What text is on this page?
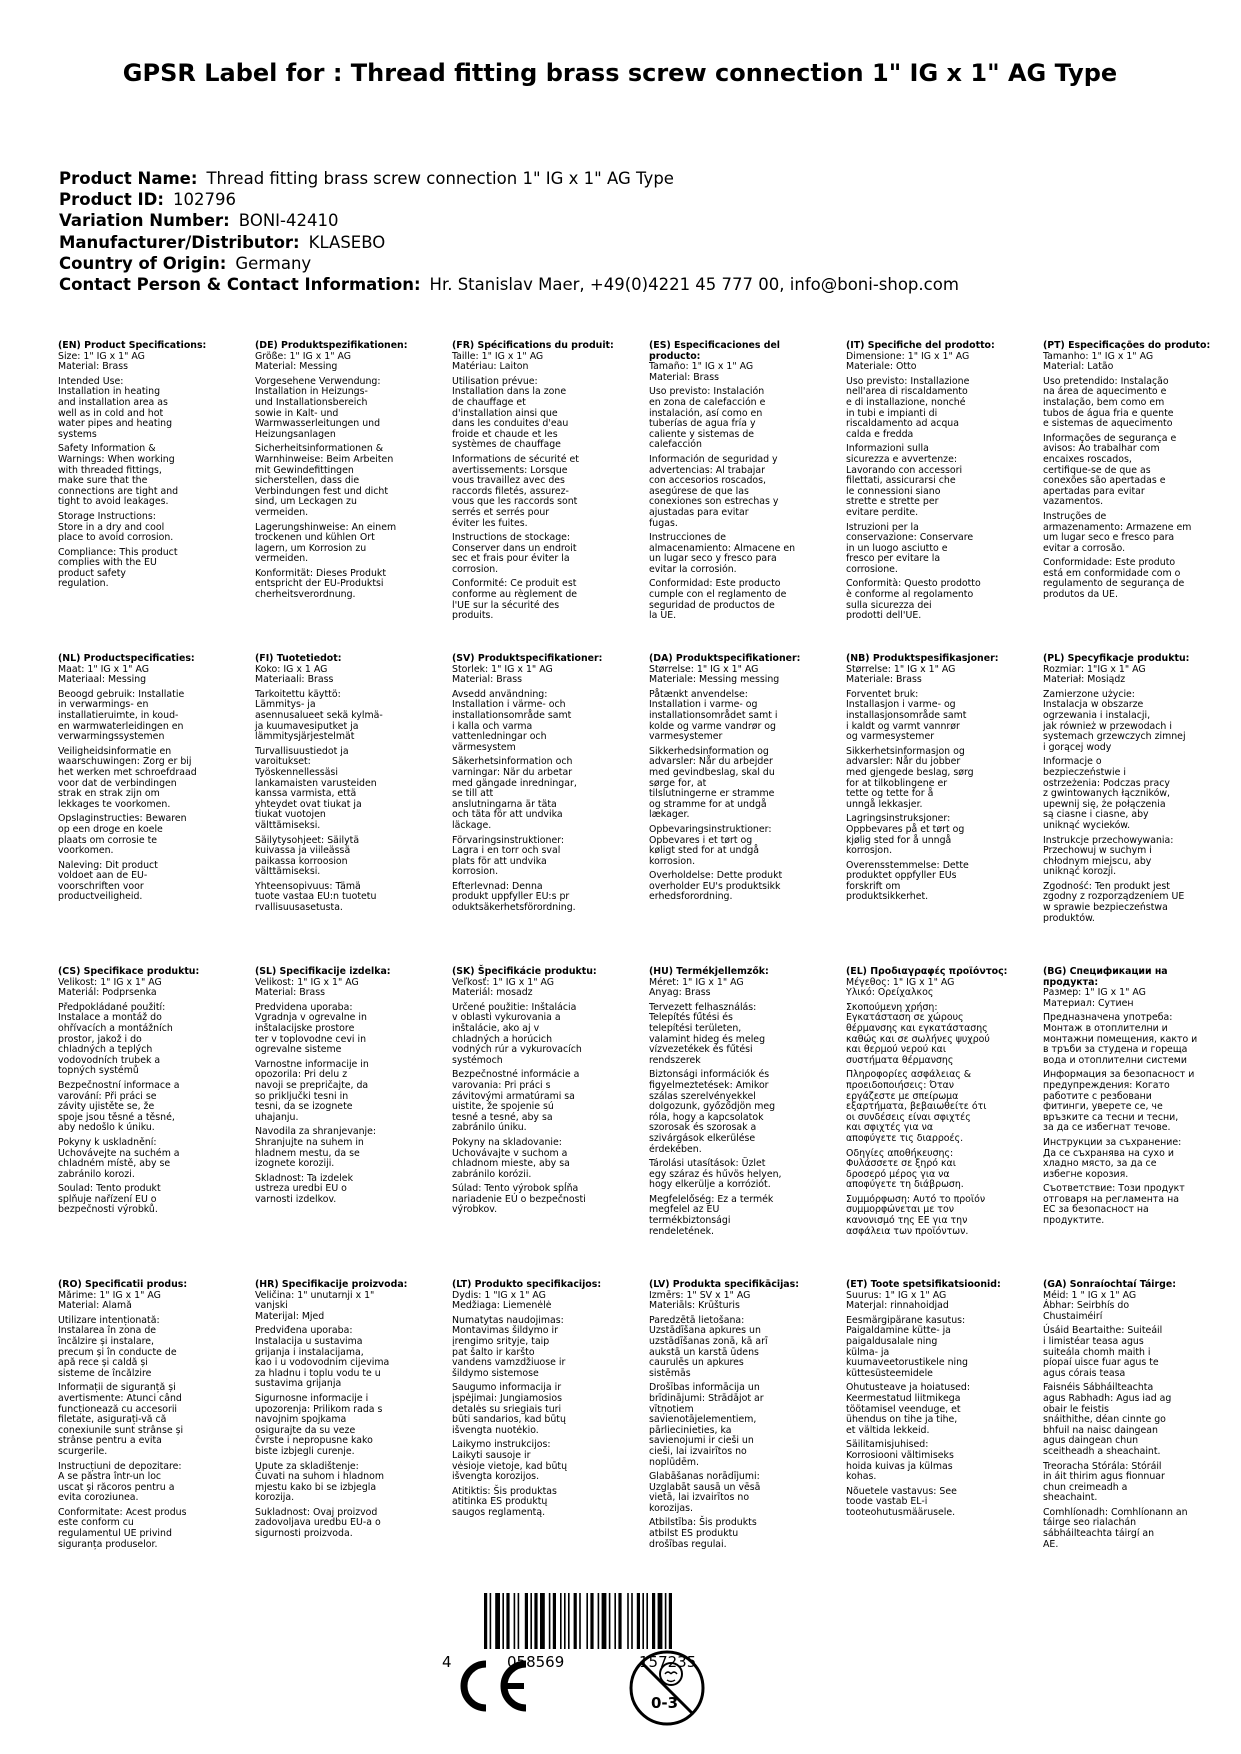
GPSR Label for : Thread fitting brass screw connection 1" IG x 1" AG Type
Product Name: Thread fitting brass screw connection 1" IG x 1" AG Type
Product ID: 102796
Variation Number: BONI-42410
Manufacturer/Distributor: KLASEBO
Country of Origin: Germany
Contact Person & Contact Information: Hr. Stanislav Maer, +49(0)4221 45 777 00, info@boni-shop.com
(EN) Product Specifications:
Size: 1" IG x 1" AG
Material: Brass
Intended Use:
Installation in heating
and installation area as
well as in cold and hot
water pipes and heating
systems
Safety Information &
Warnings: When working
with threaded fittings,
make sure that the
connections are tight and
tight to avoid leakages.
Storage Instructions:
Store in a dry and cool
place to avoid corrosion.
Compliance: This product
complies with the EU
product safety
regulation.
(DE) Produktspezifikationen:
Größe: 1" IG x 1" AG
Material: Messing
Vorgesehene Verwendung:
Installation in Heizungs-
und Installationsbereich
sowie in Kalt- und
Warmwasserleitungen und
Heizungsanlagen
Sicherheitsinformationen &
Warnhinweise: Beim Arbeiten
mit Gewindefittingen
sicherstellen, dass die
Verbindungen fest und dicht
sind, um Leckagen zu
vermeiden.
Lagerungshinweise: An einem
trockenen und kühlen Ort
lagern, um Korrosion zu
vermeiden.
Konformität: Dieses Produkt
entspricht der EU-Produktsi
cherheitsverordnung.
(FR) Spécifications du produit:
Taille: 1" IG x 1" AG
Matériau: Laiton
Utilisation prévue:
Installation dans la zone
de chauffage et
d'installation ainsi que
dans les conduites d'eau
froide et chaude et les
systèmes de chauffage
Informations de sécurité et
avertissements: Lorsque
vous travaillez avec des
raccords filetés, assurez-
vous que les raccords sont
serrés et serrés pour
éviter les fuites.
Instructions de stockage:
Conserver dans un endroit
sec et frais pour éviter la
corrosion.
Conformité: Ce produit est
conforme au règlement de
l'UE sur la sécurité des
produits.
(ES) Especificaciones del producto:
Tamaño: 1" IG x 1" AG
Material: Brass
Uso previsto: Instalación
en zona de calefacción e
instalación, así como en
tuberías de agua fría y
caliente y sistemas de
calefacción
Información de seguridad y
advertencias: Al trabajar
con accesorios roscados,
asegúrese de que las
conexiones son estrechas y
ajustadas para evitar
fugas.
Instrucciones de
almacenamiento: Almacene en
un lugar seco y fresco para
evitar la corrosión.
Conformidad: Este producto
cumple con el reglamento de
seguridad de productos de
la UE.
(IT) Specifiche del prodotto:
Dimensione: 1" IG x 1" AG
Materiale: Otto
Uso previsto: Installazione
nell'area di riscaldamento
e di installazione, nonché
in tubi e impianti di
riscaldamento ad acqua
calda e fredda
Informazioni sulla
sicurezza e avvertenze:
Lavorando con accessori
filettati, assicurarsi che
le connessioni siano
strette e strette per
evitare perdite.
Istruzioni per la
conservazione: Conservare
in un luogo asciutto e
fresco per evitare la
corrosione.
Conformità: Questo prodotto
è conforme al regolamento
sulla sicurezza dei
prodotti dell'UE.
(PT) Especificações do produto:
Tamanho: 1" IG x 1" AG
Material: Latão
Uso pretendido: Instalação
na área de aquecimento e
instalação, bem como em
tubos de água fria e quente
e sistemas de aquecimento
Informações de segurança e
avisos: Ao trabalhar com
encaixes roscados,
certifique-se de que as
conexões são apertadas e
apertadas para evitar
vazamentos.
Instruções de
armazenamento: Armazene em
um lugar seco e fresco para
evitar a corrosão.
Conformidade: Este produto
está em conformidade com o
regulamento de segurança de
produtos da UE.
(NL) Productspecificaties:
Maat: 1" IG x 1" AG
Materiaal: Messing
Beoogd gebruik: Installatie
in verwarmings- en
installatieruimte, in koud-
en warmwaterleidingen en
verwarmingssystemen
Veiligheidsinformatie en
waarschuwingen: Zorg er bij
het werken met schroefdraad
voor dat de verbindingen
strak en strak zijn om
lekkages te voorkomen.
Opslaginstructies: Bewaren
op een droge en koele
plaats om corrosie te
voorkomen.
Naleving: Dit product
voldoet aan de EU-
voorschriften voor
productveiligheid.
(FI) Tuotetiedot:
Koko: IG x 1 AG
Materiaali: Brass
Tarkoitettu käyttö:
Lämmitys- ja
asennusalueet sekä kylmä-
ja kuumavesiputket ja
lämmitysjärjestelmät
Turvallisuustiedot ja
varoitukset:
Työskennellessäsi
lankamaisten varusteiden
kanssa varmista, että
yhteydet ovat tiukat ja
tiukat vuotojen
välttämiseksi.
Säilytysohjeet: Säilytä
kuivassa ja viileässä
paikassa korroosion
välttämiseksi.
Yhteensopivuus: Tämä
tuote vastaa EU:n tuotetu
rvallisuusasetusta.
(SV) Produktspecifikationer:
Storlek: 1" IG x 1" AG
Material: Brass
Avsedd användning:
Installation i värme- och
installationsområde samt
i kalla och varma
vattenledningar och
värmesystem
Säkerhetsinformation och
varningar: När du arbetar
med gängade inredningar,
se till att
anslutningarna är täta
och täta för att undvika
läckage.
Förvaringsinstruktioner:
Lagra i en torr och sval
plats för att undvika
korrosion.
Efterlevnad: Denna
produkt uppfyller EU:s pr
oduktsäkerhetsförordning.
(DA) Produktspecifikationer:
Størrelse: 1" IG x 1" AG
Materiale: Messing messing
Påtænkt anvendelse:
Installation i varme- og
installationsområdet samt i
kolde og varme vandrør og
varmesystemer
Sikkerhedsinformation og
advarsler: Når du arbejder
med gevindbeslag, skal du
sørge for, at
tilslutningerne er stramme
og stramme for at undgå
lækager.
Opbevaringsinstruktioner:
Opbevares i et tørt og
køligt sted for at undgå
korrosion.
Overholdelse: Dette produkt
overholder EU's produktsikk
erhedsforordning.
(NB) Produktspesifikasjoner:
Størrelse: 1" IG x 1" AG
Materiale: Brass
Forventet bruk:
Installasjon i varme- og
installasjonsområde samt
i kaldt og varmt vannrør
og varmesystemer
Sikkerhetsinformasjon og
advarsler: Når du jobber
med gjengede beslag, sørg
for at tilkoblingene er
tette og tette for å
unngå lekkasjer.
Lagringsinstruksjoner:
Oppbevares på et tørt og
kjølig sted for å unngå
korrosjon.
Overensstemmelse: Dette
produktet oppfyller EUs
forskrift om
produktsikkerhet.
(PL) Specyfikacje produktu:
Rozmiar: 1"IG x 1" AG
Materiał: Mosiądz
Zamierzone użycie:
Instalacja w obszarze
ogrzewania i instalacji,
jak również w przewodach i
systemach grzewczych zimnej
i gorącej wody
Informacje o
bezpieczeństwie i
ostrzeżenia: Podczas pracy
z gwintowanych łączników,
upewnij się, że połączenia
są ciasne i ciasne, aby
uniknąć wycieków.
Instrukcje przechowywania:
Przechowuj w suchym i
chłodnym miejscu, aby
uniknąć korozji.
Zgodność: Ten produkt jest
zgodny z rozporządzeniem UE
w sprawie bezpieczeństwa
produktów.
(CS) Specifikace produktu:
Velikost: 1" IG x 1" AG
Materiál: Podprsenka
Předpokládané použití:
Instalace a montáž do
ohřívacích a montážních
prostor, jakož i do
chladných a teplých
vodovodních trubek a
topných systémů
Bezpečnostní informace a
varování: Při práci se
závity ujistěte se, že
spoje jsou těsné a těsné,
aby nedošlo k úniku.
Pokyny k uskladnění:
Uchovávejte na suchém a
chladném místě, aby se
zabránilo korozi.
Soulad: Tento produkt
splňuje nařízení EU o
bezpečnosti výrobků.
(SL) Specifikacije izdelka:
Velikost: 1" IG x 1" AG
Material: Brass
Predvidena uporaba:
Vgradnja v ogrevalne in
inštalacijske prostore
ter v toplovodne cevi in
ogrevalne sisteme
Varnostne informacije in
opozorila: Pri delu z
navoji se prepričajte, da
so priključki tesni in
tesni, da se izognete
uhajanju.
Navodila za shranjevanje:
Shranjujte na suhem in
hladnem mestu, da se
izognete koroziji.
Skladnost: Ta izdelek
ustreza uredbi EU o
varnosti izdelkov.
(SK) Špecifikácie produktu:
Veľkosť: 1" IG x 1" AG
Materiál: mosadz
Určené použitie: Inštalácia
v oblasti vykurovania a
inštalácie, ako aj v
chladných a horúcich
vodných rúr a vykurovacích
systémoch
Bezpečnostné informácie a
varovania: Pri práci s
závitovými armatúrami sa
uistite, že spojenie sú
tesné a tesné, aby sa
zabránilo úniku.
Pokyny na skladovanie:
Uchovávajte v suchom a
chladnom mieste, aby sa
zabránilo korózii.
Súlad: Tento výrobok spĺňa
nariadenie EÚ o bezpečnosti
výrobkov.
(HU) Termékjellemzők:
Méret: 1" IG x 1" AG
Anyag: Brass
Tervezett felhasználás:
Telepítés fűtési és
telepítési területen,
valamint hideg és meleg
vízvezetékek és fűtési
rendszerek
Biztonsági információk és
figyelmeztetések: Amikor
szálas szerelvényekkel
dolgozunk, győződjön meg
róla, hogy a kapcsolatok
szorosak és szorosak a
szivárgások elkerülése
érdekében.
Tárolási utasítások: Üzlet
egy száraz és hűvös helyen,
hogy elkerülje a korróziót.
Megfelelőség: Ez a termék
megfelel az EU
termékbiztonsági
rendeletének.
(EL) Προδιαγραφές προϊόντος:
Μέγεθος: 1" IG x 1" AG
Υλικό: Ορείχαλκος
Σκοπούμενη χρήση:
Εγκατάσταση σε χώρους
θέρμανσης και εγκατάστασης
καθώς και σε σωλήνες ψυχρού
και θερμού νερού και
συστήματα θέρμανσης
Πληροφορίες ασφάλειας &
προειδοποιήσεις: Όταν
εργάζεστε με σπείρωμα
εξαρτήματα, βεβαιωθείτε ότι
οι συνδέσεις είναι σφιχτές
και σφιχτές για να
αποφύγετε τις διαρροές.
Οδηγίες αποθήκευσης:
Φυλάσσετε σε ξηρό και
δροσερό μέρος για να
αποφύγετε τη διάβρωση.
Συμμόρφωση: Αυτό το προϊόν
συμμορφώνεται με τον
κανονισμό της ΕΕ για την
ασφάλεια των προϊόντων.
(BG) Спецификации на продукта:
Размер: 1" IG x 1" AG
Материал: Сутиен
Предназначена употреба:
Монтаж в отоплителни и
монтажни помещения, както и
в тръби за студена и гореща
вода и отоплителни системи
Информация за безопасност и
предупреждения: Когато
работите с резбовани
фитинги, уверете се, че
връзките са тесни и тесни,
за да се избегнат течове.
Инструкции за съхранение:
Да се съхранява на сухо и
хладно място, за да се
избегне корозия.
Съответствие: Този продукт
отговаря на регламента на
ЕС за безопасност на
продуктите.
(RO) Specificatii produs:
Mărime: 1" IG x 1" AG
Material: Alamă
Utilizare intenționată:
Instalarea în zona de
încălzire și instalare,
precum și în conducte de
apă rece și caldă și
sisteme de încălzire
Informații de siguranță și
avertismente: Atunci când
funcționează cu accesorii
filetate, asigurați-vă că
conexiunile sunt strânse și
strânse pentru a evita
scurgerile.
Instrucțiuni de depozitare:
A se păstra într-un loc
uscat și răcoros pentru a
evita coroziunea.
Conformitate: Acest produs
este conform cu
regulamentul UE privind
siguranța produselor.
(HR) Specifikacije proizvoda:
Veličina: 1" unutarnji x 1"
vanjski
Materijal: Mjed
Predviđena uporaba:
Instalacija u sustavima
grijanja i instalacijama,
kao i u vodovodnim cijevima
za hladnu i toplu vodu te u
sustavima grijanja
Sigurnosne informacije i
upozorenja: Prilikom rada s
navojnim spojkama
osigurajte da su veze
čvrste i nepropusne kako
biste izbjegli curenje.
Upute za skladištenje:
Čuvati na suhom i hladnom
mjestu kako bi se izbjegla
korozija.
Sukladnost: Ovaj proizvod
zadovoljava uredbu EU-a o
sigurnosti proizvoda.
(LT) Produkto specifikacijos:
Dydis: 1 "IG x 1" AG
Medžiaga: Liemenėlė
Numatytas naudojimas:
Montavimas šildymo ir
įrengimo srityje, taip
pat šalto ir karšto
vandens vamzdžiuose ir
šildymo sistemose
Saugumo informacija ir
įspėjimai: Jungiamosios
detalės su sriegiais turi
būti sandarios, kad būtų
išvengta nuotėkio.
Laikymo instrukcijos:
Laikyti sausoje ir
vėsioje vietoje, kad būtų
išvengta korozijos.
Atitiktis: Šis produktas
atitinka ES produktų
saugos reglamentą.
(LV) Produkta specifikācijas:
Izmērs: 1" SV x 1" AG
Materiāls: Krūšturis
Paredzētā lietošana:
Uzstādīšana apkures un
uzstādīšanas zonā, kā arī
aukstā un karstā ūdens
caurulēs un apkures
sistēmās
Drošības informācija un
brīdinājumi: Strādājot ar
vītņotiem
savienotājelementiem,
pārliecinieties, ka
savienojumi ir cieši un
cieši, lai izvairītos no
noplūdēm.
Glabāšanas norādījumi:
Uzglabāt sausā un vēsā
vietā, lai izvairītos no
korozijas.
Atbilstība: Šis produkts
atbilst ES produktu
drošības regulai.
(ET) Toote spetsifikatsioonid:
Suurus: 1" IG x 1" AG
Materjal: rinnahoidjad
Eesmärgipärane kasutus:
Paigaldamine kütte- ja
paigaldusalale ning
külma- ja
kuumaveetorustikele ning
küttesüsteemidele
Ohutusteave ja hoiatused:
Keermestatud liitmikega
töötamisel veenduge, et
ühendus on tihe ja tihe,
et vältida lekkeid.
Säilitamisjuhised:
Korrosiooni vältimiseks
hoida kuivas ja külmas
kohas.
Nõuetele vastavus: See
toode vastab EL-i
tooteohutusmäärusele.
(GA) Sonraíochtaí Táirge:
Méid: 1 " IG x 1" AG
Ábhar: Seirbhís do
Chustaiméirí
Úsáid Beartaithe: Suiteáil
i limistéar teasa agus
suiteála chomh maith i
píopaí uisce fuar agus te
agus córais teasa
Faisnéis Sábháilteachta
agus Rabhadh: Agus iad ag
obair le feistis
snáithithe, déan cinnte go
bhfuil na naisc daingean
agus daingean chun
sceitheadh a sheachaint.
Treoracha Stórála: Stóráil
in áit thirim agus fionnuar
chun creimeadh a
sheachaint.
Comhlíonadh: Comhlíonann an
táirge seo rialachán
sábháilteachta táirgí an
AE.
4	058569	157235
CE
0-3
